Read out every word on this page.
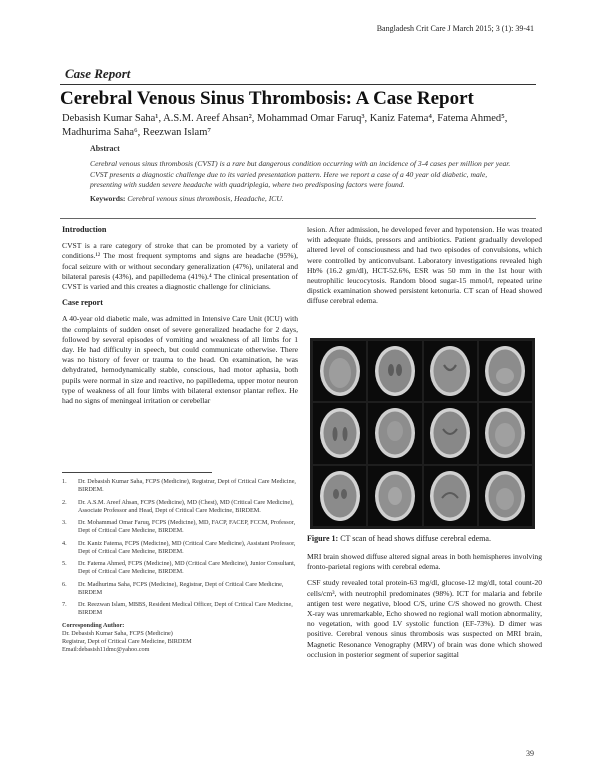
Bangladesh Crit Care J March 2015; 3 (1): 39-41
Case Report
Cerebral Venous Sinus Thrombosis: A Case Report
Debasish Kumar Saha¹, A.S.M. Areef Ahsan², Mohammad Omar Faruq³, Kaniz Fatema⁴, Fatema Ahmed⁵,
Madhurima Saha⁶, Reezwan Islam⁷
Abstract
Cerebral venous sinus thrombosis (CVST) is a rare but dangerous condition occurring with an incidence of 3-4 cases per million per year. CVST presents a diagnostic challenge due to its varied presentation pattern. Here we report a case of a 40 year old diabetic, male, presenting with sudden severe headache with quadriplegia, where two predisposing factors were found.
Keywords: Cerebral venous sinus thrombosis, Headache, ICU.
Introduction

CVST is a rare category of stroke that can be promoted by a variety of conditions.¹² The most frequent symptoms and signs are headache (95%), focal seizure with or without secondary generalization (47%), unilateral and bilateral paresis (43%), and papilledema (41%).⁴ The clinical presentation of CVST is varied and this creates a diagnostic challenge for clinicians.

Case report

A 40-year old diabetic male, was admitted in Intensive Care Unit (ICU) with the complaints of sudden onset of severe generalized headache for 2 days, followed by several episodes of vomiting and weakness of all limbs for 1 day. He had difficulty in speech, but could communicate otherwise. There was no history of fever or trauma to the head. On examination, he was dehydrated, hemodynamically stable, conscious, had motor aphasia, both pupils were normal in size and reactive, no papilledema, upper motor neuron type of weakness of all four limbs with bilateral extensor plantar reflex. He had no signs of meningeal irritation or cerebellar

1.	Dr. Debasish Kumar Saha, FCPS (Medicine), Registrar, Dept of Critical Care Medicine, BIRDEM.
2.	Dr. A.S.M. Areef Ahsan, FCPS (Medicine), MD (Chest), MD (Critical Care Medicine), Associate Professor and Head, Dept of Critical Care Medicine, BIRDEM.
3.	Dr. Mohammad Omar Faruq, FCPS (Medicine), MD, FACP, FACEP, FCCM, Professor, Dept of Critical Care Medicine, BIRDEM.
4.	Dr. Kaniz Fatema, FCPS (Medicine), MD (Critical Care Medicine), Assistant Professor, Dept of Critical Care Medicine, BIRDEM.
5.	Dr. Fatema Ahmed, FCPS (Medicine), MD (Critical Care Medicine), Junior Consultant, Dept of Critical Care Medicine, BIRDEM.
6.	Dr. Madhurima Saha, FCPS (Medicine), Registrar, Dept of Critical Care Medicine, BIRDEM
7.	Dr. Reezwan Islam, MBBS, Resident Medical Officer, Dept of Critical Care Medicine, BIRDEM
Corresponding Author:
Dr. Debasish Kumar Saha, FCPS (Medicine)
Registrar, Dept of Critical Care Medicine, BIRDEM
Email:debasish11dmc@yahoo.com

lesion. After admission, he developed fever and hypotension. He was treated with adequate fluids, pressors and antibiotics. Patient gradually developed altered level of consciousness and had two episodes of convulsions, which were controlled by anticonvulsant. Laboratory investigations revealed high Hb% (16.2 gm/dl), HCT-52.6%, ESR was 50 mm in the 1st hour with neutrophilic leucocytosis. Random blood sugar-15 mmol/l, repeated urine dipstick examination showed persistent ketonuria. CT scan of Head showed diffuse cerebral edema.

Figure 1: CT scan of head shows diffuse cerebral edema.

MRI brain showed diffuse altered signal areas in both hemispheres involving fronto-parietal regions with cerebral edema.

CSF study revealed total protein-63 mg/dl, glucose-12 mg/dl, total count-20 cells/cm³, with neutrophil predominates (98%). ICT for malaria and febrile antigen test were negative, blood C/S, urine C/S showed no growth. Chest X-ray was unremarkable, Echo showed no regional wall motion abnormality, no vegetation, with good LV systolic function (EF-73%). D dimer was positive. Cerebral venous sinus thrombosis was suspected on MRI brain, Magnetic Resonance Venography (MRV) of brain was done which showed occlusion in posterior segment of superior sagittal

39
